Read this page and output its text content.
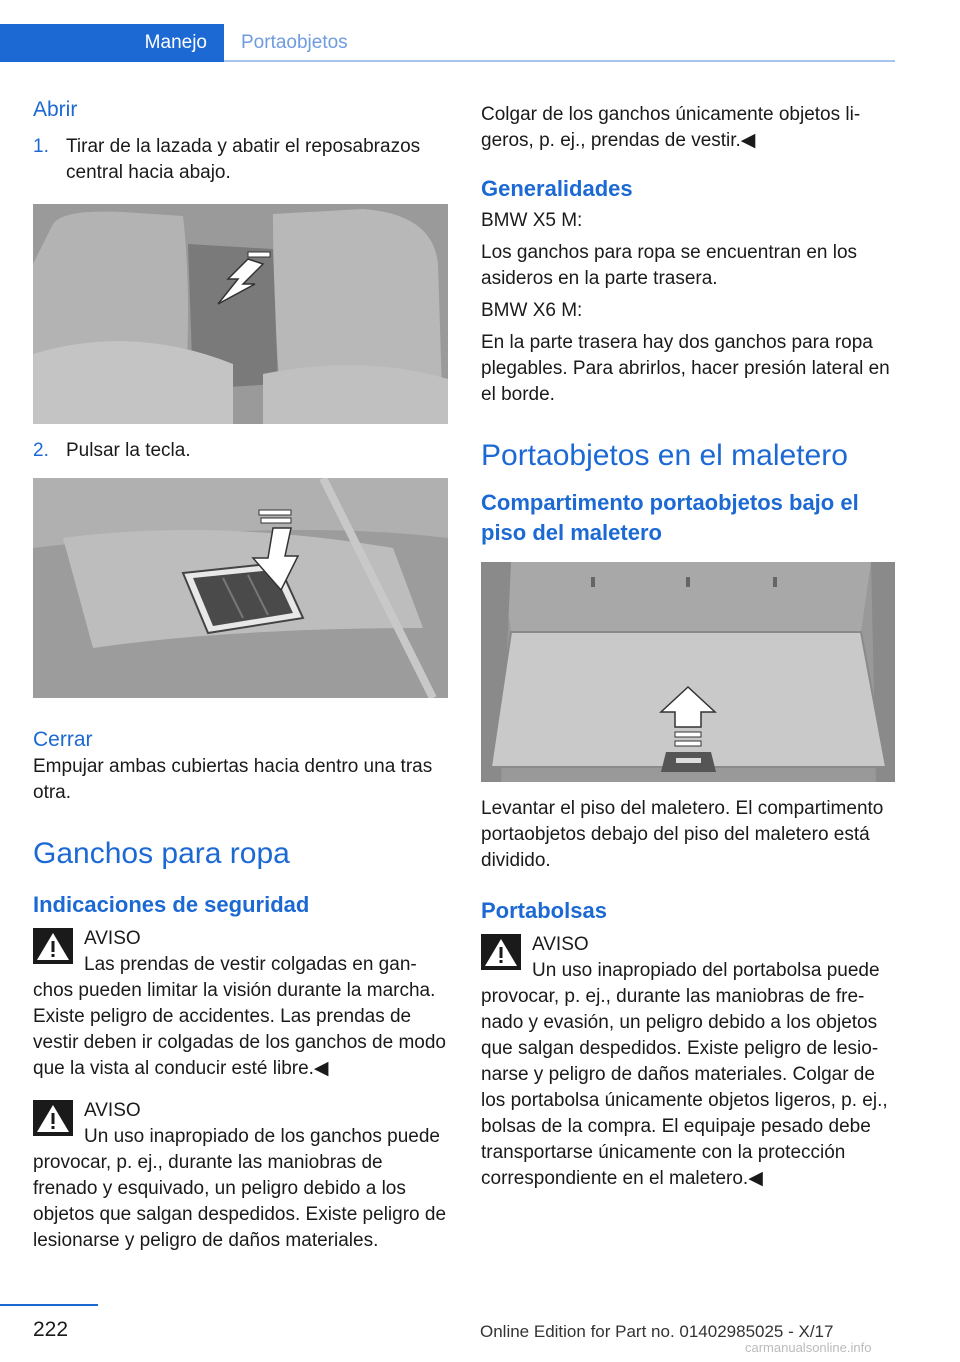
Manejo	Portaobjetos
Abrir
1. Tirar de la lazada y abatir el reposabrazos central hacia abajo.
2. Pulsar la tecla.
Cerrar

Empujar ambas cubiertas hacia dentro una tras otra.

Ganchos para ropa
Indicaciones de seguridad
AVISO

Las prendas de vestir colgadas en ganchos pueden limitar la visión durante la marcha. Existe peligro de accidentes. Las prendas de vestir deben ir colgadas de los ganchos de modo que la vista al conducir esté libre.◀

AVISO

Un uso inapropiado de los ganchos puede provocar, p. ej., durante las maniobras de frenado y esquivado, un peligro debido a los objetos que salgan despedidos. Existe peligro de lesionarse y peligro de daños materiales.

Colgar de los ganchos únicamente objetos ligeros, p. ej., prendas de vestir.◀

Generalidades

BMW X5 M:

Los ganchos para ropa se encuentran en los asideros en la parte trasera.

BMW X6 M:

En la parte trasera hay dos ganchos para ropa plegables. Para abrirlos, hacer presión lateral en el borde.

Portaobjetos en el maletero
Compartimento portaobjetos bajo el piso del maletero

Levantar el piso del maletero. El compartimento portaobjetos debajo del piso del maletero está dividido.

Portabolsas
AVISO

Un uso inapropiado del portabolsa puede provocar, p. ej., durante las maniobras de frenado y evasión, un peligro debido a los objetos que salgan despedidos. Existe peligro de lesionarse y peligro de daños materiales. Colgar de los portabolsa únicamente objetos ligeros, p. ej., bolsas de la compra. El equipaje pesado debe transportarse únicamente con la protección correspondiente en el maletero.◀

222	Online Edition for Part no. 01402985025 - X/17
carmanualsonline.info
